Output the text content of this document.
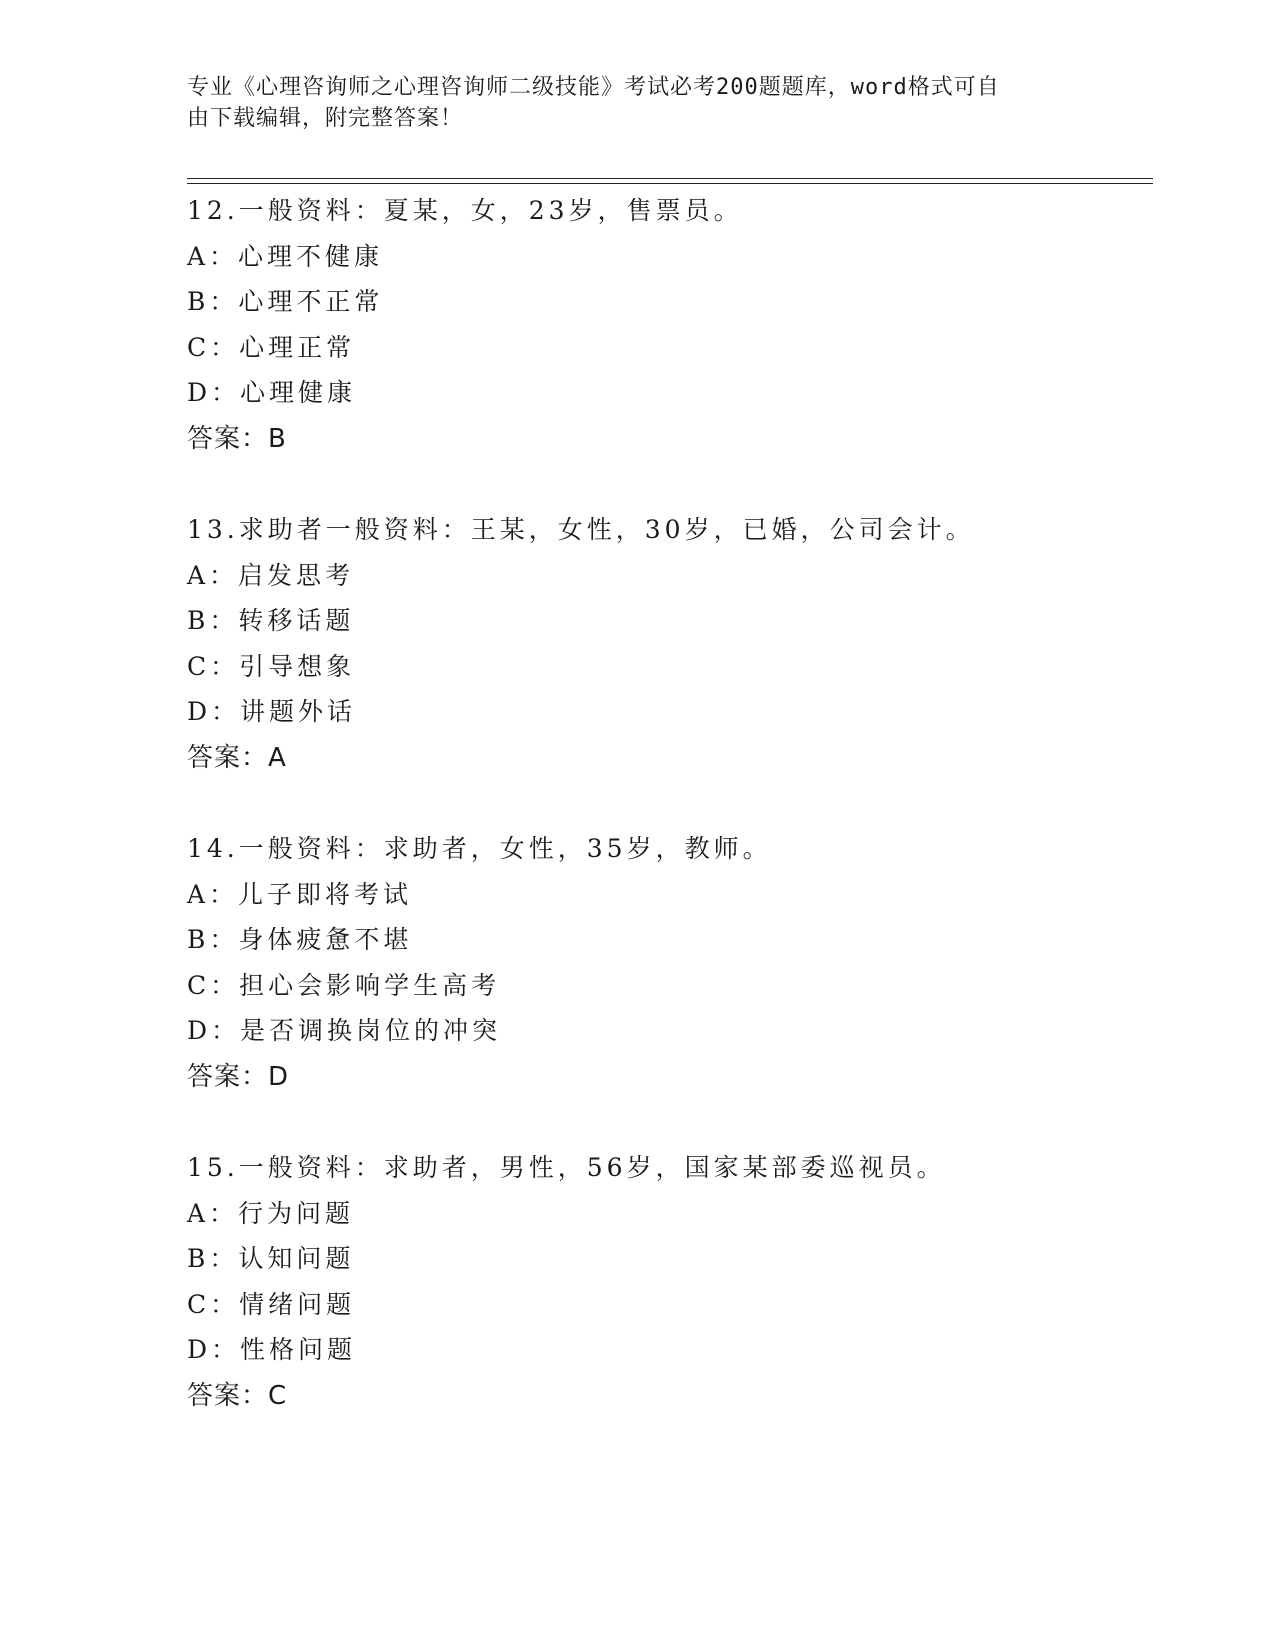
专业《心理咨询师之心理咨询师二级技能》考试必考200题题库，word格式可自
由下载编辑，附完整答案！
12.一般资料：夏某，女，23岁，售票员。
A：心理不健康
B：心理不正常
C：心理正常
D：心理健康
答案：B
13.求助者一般资料：王某，女性，30岁，已婚，公司会计。
A：启发思考
B：转移话题
C：引导想象
D：讲题外话
答案：A
14.一般资料：求助者，女性，35岁，教师。
A：儿子即将考试
B：身体疲惫不堪
C：担心会影响学生高考
D：是否调换岗位的冲突
答案：D
15.一般资料：求助者，男性，56岁，国家某部委巡视员。
A：行为问题
B：认知问题
C：情绪问题
D：性格问题
答案：C
